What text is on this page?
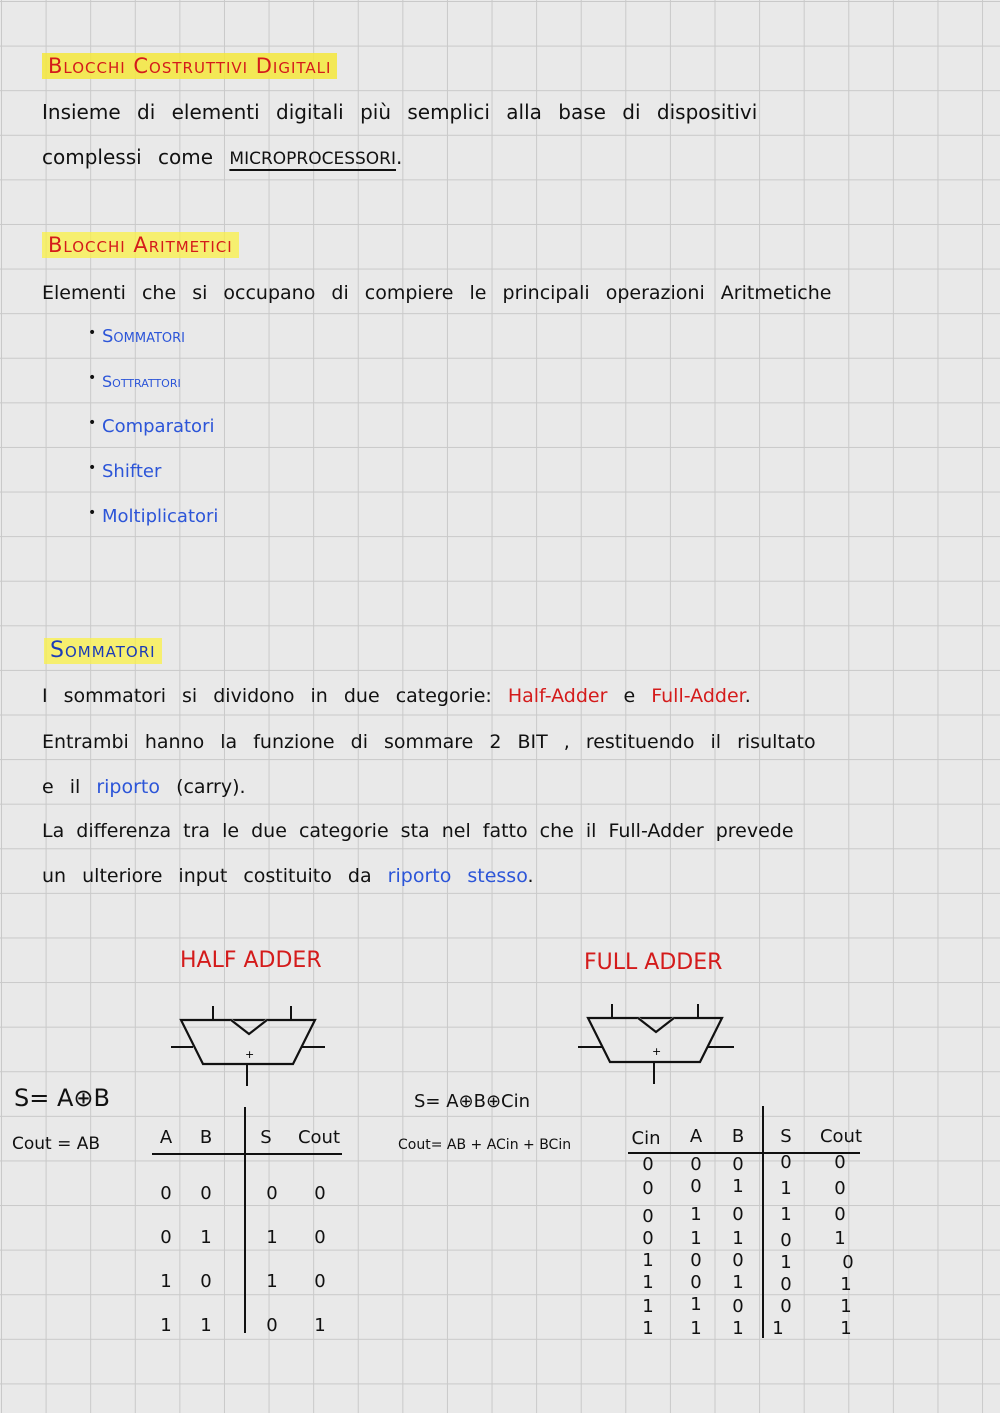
Blocchi Costruttivi Digitali
Insieme di elementi digitali più semplici alla base di dispositivi
complessi come MICROPROCESSORI.
Blocchi Aritmetici
Elementi che si occupano di compiere le principali operazioni Aritmetiche
• Sommatori
• Sottrattori
• Comparatori
• Shifter
• Moltiplicatori
Sommatori
I sommatori si dividono in due categorie: Half-Adder e Full-Adder.
Entrambi hanno la funzione di sommare 2 BIT , restituendo il risultato
e il riporto (carry).
La differenza tra le due categorie sta nel fatto che il Full-Adder prevede
un ulteriore input costituito da riporto stesso.
HALF ADDER
+
S= A⊕B
Cout = AB	A	B	S	Cout
0	0	0	0
0	1	1	0
1	0	1	0
1	1	0	1
FULL ADDER
+
S= A⊕B⊕Cin
Cout= AB + ACin + BCin	Cin	A	B	S	Cout
0	0	0	0	0
0	0	1	1	0
0	1	0	1	0
0	1	1	0	1
1	0	0	1	0
1	0	1	0	1
1	1	0	0	1
1	1	1	1	1
